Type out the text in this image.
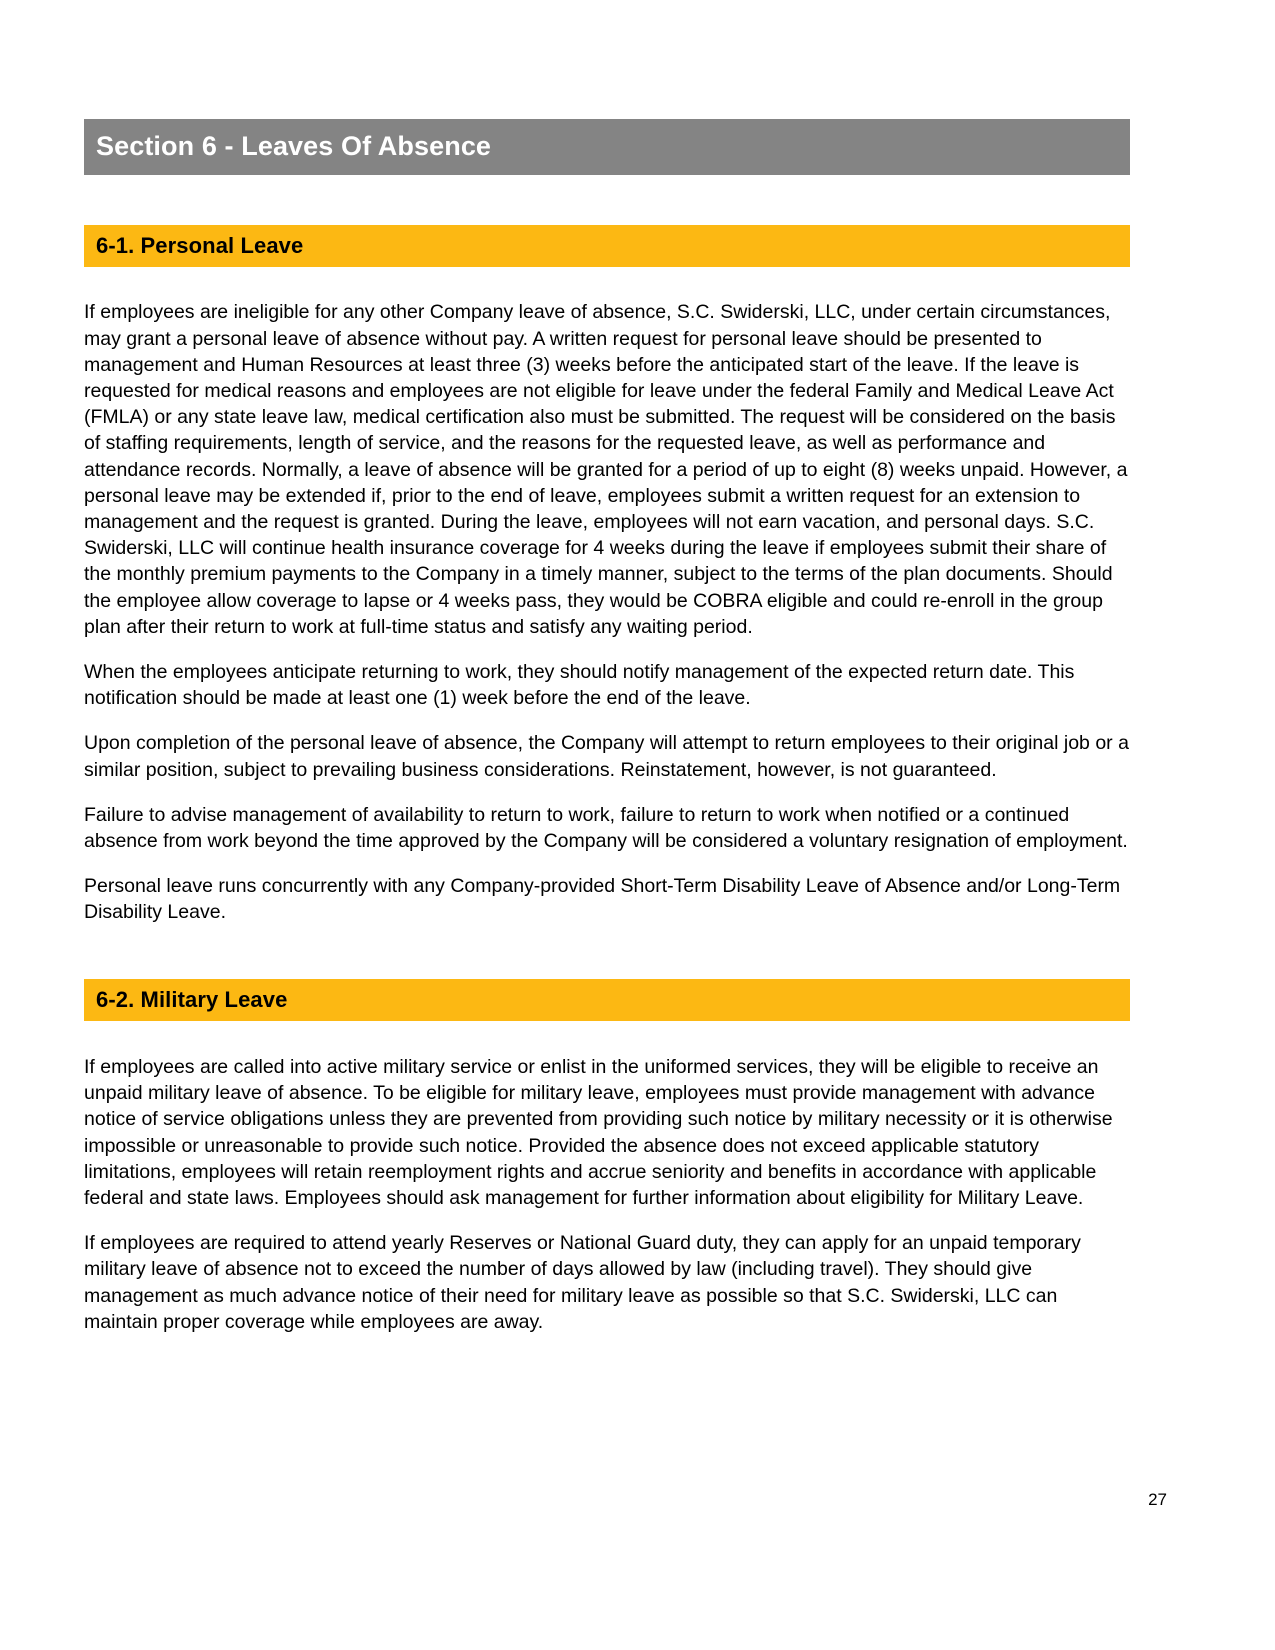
Section 6 - Leaves Of Absence
6-1. Personal Leave

If employees are ineligible for any other Company leave of absence, S.C. Swiderski, LLC, under certain circumstances, may grant a personal leave of absence without pay. A written request for personal leave should be presented to management and Human Resources at least three (3) weeks before the anticipated start of the leave. If the leave is requested for medical reasons and employees are not eligible for leave under the federal Family and Medical Leave Act (FMLA) or any state leave law, medical certification also must be submitted. The request will be considered on the basis of staffing requirements, length of service, and the reasons for the requested leave, as well as performance and attendance records. Normally, a leave of absence will be granted for a period of up to eight (8) weeks unpaid. However, a personal leave may be extended if, prior to the end of leave, employees submit a written request for an extension to management and the request is granted. During the leave, employees will not earn vacation, and personal days. S.C. Swiderski, LLC will continue health insurance coverage for 4 weeks during the leave if employees submit their share of the monthly premium payments to the Company in a timely manner, subject to the terms of the plan documents. Should the employee allow coverage to lapse or 4 weeks pass, they would be COBRA eligible and could re-enroll in the group plan after their return to work at full-time status and satisfy any waiting period.

When the employees anticipate returning to work, they should notify management of the expected return date. This notification should be made at least one (1) week before the end of the leave.

Upon completion of the personal leave of absence, the Company will attempt to return employees to their original job or a similar position, subject to prevailing business considerations. Reinstatement, however, is not guaranteed.

Failure to advise management of availability to return to work, failure to return to work when notified or a continued absence from work beyond the time approved by the Company will be considered a voluntary resignation of employment.

Personal leave runs concurrently with any Company-provided Short-Term Disability Leave of Absence and/or Long-Term Disability Leave.

6-2. Military Leave

If employees are called into active military service or enlist in the uniformed services, they will be eligible to receive an unpaid military leave of absence. To be eligible for military leave, employees must provide management with advance notice of service obligations unless they are prevented from providing such notice by military necessity or it is otherwise impossible or unreasonable to provide such notice. Provided the absence does not exceed applicable statutory limitations, employees will retain reemployment rights and accrue seniority and benefits in accordance with applicable federal and state laws. Employees should ask management for further information about eligibility for Military Leave.

If employees are required to attend yearly Reserves or National Guard duty, they can apply for an unpaid temporary military leave of absence not to exceed the number of days allowed by law (including travel). They should give management as much advance notice of their need for military leave as possible so that S.C. Swiderski, LLC can maintain proper coverage while employees are away.

27
